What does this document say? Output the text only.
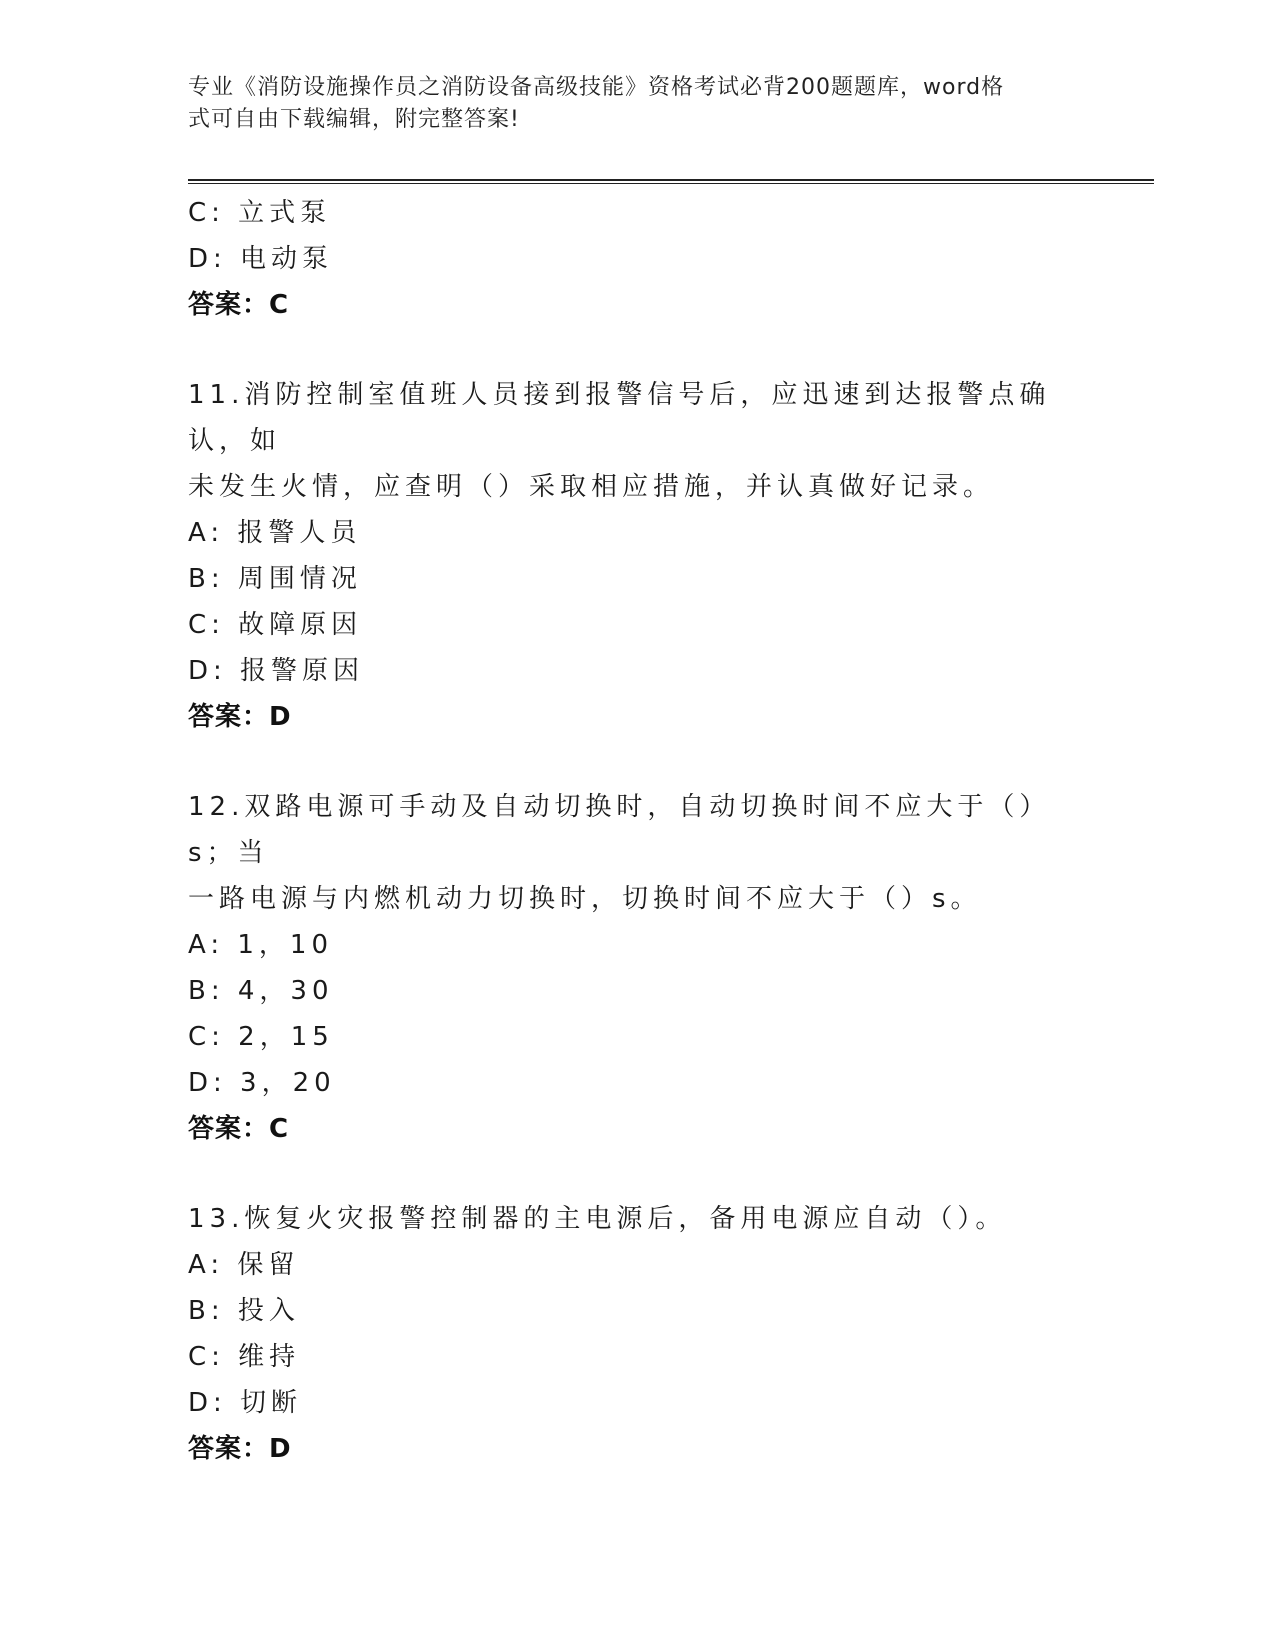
专业《消防设施操作员之消防设备高级技能》资格考试必背200题题库，word格
式可自由下载编辑，附完整答案!
C: 立式泵
D: 电动泵
答案：C
11.消防控制室值班人员接到报警信号后，应迅速到达报警点确认，如
未发生火情，应查明（）采取相应措施，并认真做好记录。
A: 报警人员
B: 周围情况
C: 故障原因
D: 报警原因
答案：D
12.双路电源可手动及自动切换时，自动切换时间不应大于（）s；当
一路电源与内燃机动力切换时，切换时间不应大于（）s。
A: 1，10
B: 4，30
C: 2，15
D: 3，20
答案：C
13.恢复火灾报警控制器的主电源后，备用电源应自动（）。
A: 保留
B: 投入
C: 维持
D: 切断
答案：D
